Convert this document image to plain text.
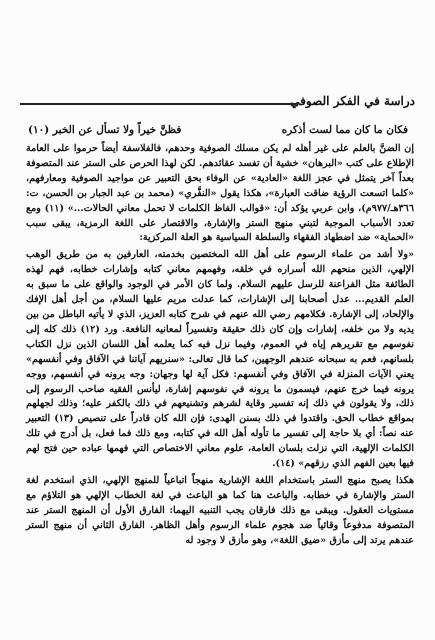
دراسة في الفكر الصوفي
فكان ما كان مما لست أذكره
فظنَّ خيراً ولا تسأل عن الخبر (١٠)

إن الضنَّ بالعلم على غير أهله لم يكن مسلك الصوفية وحدهم، فالفلاسفة أيضاً حرموا على العامة الإطلاع على كتب «البرهان» خشية أن تفسد عقائدهم. لكن لهذا الحرص على الستر عند المتصوفة بعداً آخر يتمثل في عجز اللغة «العادية» عن الوفاء بحق التعبير عن مواجيد الصوفية ومعارفهم، «كلما اتسعت الرؤية ضاقت العبارة»، هكذا يقول «النفَّري» (محمد بن عبد الجبار بن الحسن، ت: ٣٦٦هـ/٩٧٧م)، وابن عربي يؤكد أن: «قوالب الفاظ الكلمات لا تحمل معاني الحالات...» (١١) ومع تعدد الأسباب الموجبة لتبني منهج الستر والإشارة، والاقتصار على اللغة الرمزية، يبقى سبب «الحماية» ضد اضطهاد الفقهاء والسلطة السياسية هو العلة المركزية:

«ولا أشد من علماء الرسوم على أهل الله المختصين بخدمته، العارفين به من طريق الوهب الإلهي، الذين منحهم الله أسراره في خلقه، وفهمهم معاني كتابه وإشارات خطابه، فهم لهذه الطائفة مثل الفراعنة للرسل عليهم السلام. ولما كان الأمر في الوجود والواقع على ما سبق به العلم القديم... عدل أصحابنا إلى الإشارات، كما عدلت مريم عليها السلام، من أجل أهل الإفك والإلحاد، إلى الإشارة. فكلامهم رضي الله عنهم في شرح كتابه العزيز، الذي لا يأتيه الباطل من بين يديه ولا من خلفه، إشارات وإن كان ذلك حقيقة وتفسيراً لمعانيه النافعة. ورد (١٢) ذلك كله إلى نفوسهم مع تقريرهم إياه في العموم، وفيما نزل فيه كما يعلمه أهل اللسان الذين نزل الكتاب بلسانهم، فعم به سبحانه عندهم الوجهين، كما قال تعالى: «سنريهم آياتنا في الآفاق وفي أنفسهم» يعني الآيات المنزلة في الآفاق وفي أنفسهم: فكل آية لها وجهان: وجه يرونه في أنفسهم، ووجه يرونه فيما خرج عنهم، فيسمون ما يرونه في نفوسهم إشارة، ليأنس الفقيه صاحب الرسوم إلى ذلك، ولا يقولون في ذلك إنه تفسير وقاية لشرهم وتشنيعهم في ذلك بالكفر عليه؛ وذلك لجهلهم بمواقع خطاب الحق. واقتدوا في ذلك بسنن الهدى: فإن الله كان قادراً على تنصيص (١٣) التعبير عنه نصاً: أي بلا حاجة إلى تفسير ما تأوله أهل الله في كتابه، ومع ذلك فما فعل، بل أدرج في تلك الكلمات الإلهية، التي نزلت بلسان العامة، علوم معاني الاختصاص التي فهمها عباده حين فتح لهم فيها بعين الفهم الذي رزقهم» (١٤).

هكذا يصبح منهج الستر باستخدام اللغة الإشارية منهجاً اتباعياً للمنهج الإلهي، الذي استخدم لغة الستر والإشارة في خطابه. والباعث هنا كما هو الباعث في لغة الخطاب الإلهي هو التلاؤم مع مستويات العقول. ويبقى مع ذلك فارقان يجب التنبيه اليهما: الفارق الأول أن المنهج الستر عند المتصوفة مدفوعاً وقائياً ضد هجوم علماء الرسوم وأهل الظاهر. الفارق الثاني أن منهج الستر عندهم يرتد إلى مأزق «ضيق اللغة»، وهو مأزق لا وجود له
